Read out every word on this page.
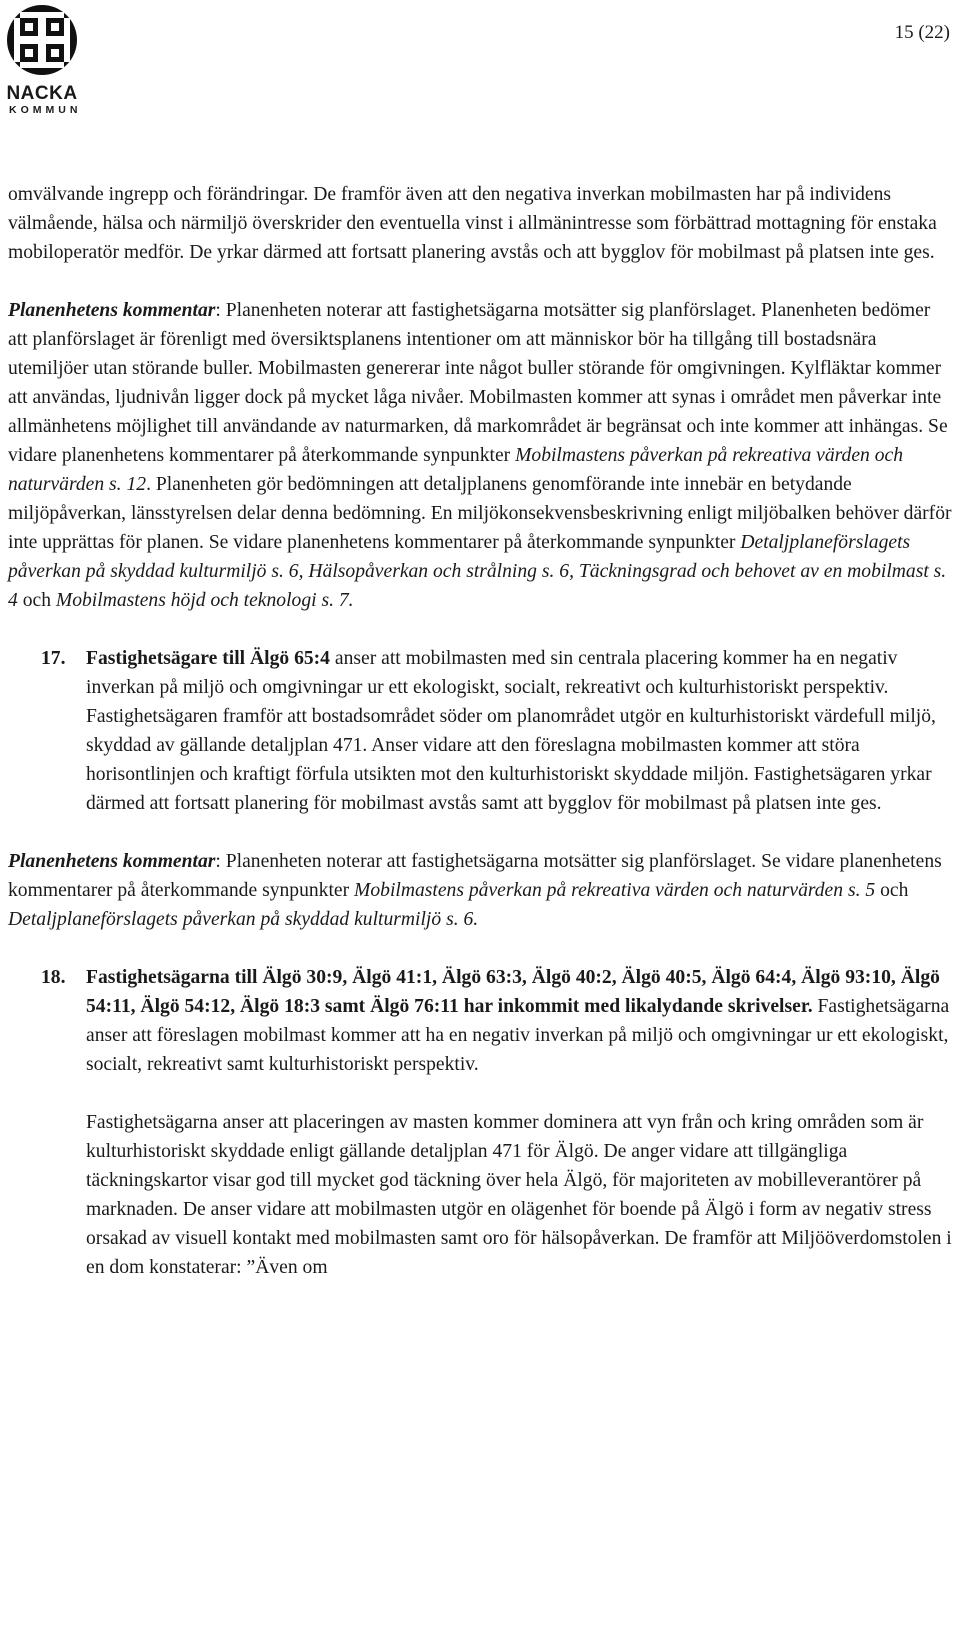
NACKA
KOMMUN
15 (22)

omvälvande ingrepp och förändringar. De framför även att den negativa inverkan mobilmasten har på individens välmående, hälsa och närmiljö överskrider den eventuella vinst i allmänintresse som förbättrad mottagning för enstaka mobiloperatör medför. De yrkar därmed att fortsatt planering avstås och att bygglov för mobilmast på platsen inte ges.

Planenhetens kommentar: Planenheten noterar att fastighetsägarna motsätter sig planförslaget. Planenheten bedömer att planförslaget är förenligt med översiktsplanens intentioner om att människor bör ha tillgång till bostadsnära utemiljöer utan störande buller. Mobilmasten genererar inte något buller störande för omgivningen. Kylfläktar kommer att användas, ljudnivån ligger dock på mycket låga nivåer. Mobilmasten kommer att synas i området men påverkar inte allmänhetens möjlighet till användande av naturmarken, då markområdet är begränsat och inte kommer att inhängas. Se vidare planenhetens kommentarer på återkommande synpunkter Mobilmastens påverkan på rekreativa värden och naturvärden s. 12. Planenheten gör bedömningen att detaljplanens genomförande inte innebär en betydande miljöpåverkan, länsstyrelsen delar denna bedömning. En miljökonsekvensbeskrivning enligt miljöbalken behöver därför inte upprättas för planen. Se vidare planenhetens kommentarer på återkommande synpunkter Detaljplaneförslagets påverkan på skyddad kulturmiljö s. 6, Hälsopåverkan och strålning s. 6, Täckningsgrad och behovet av en mobilmast s. 4 och Mobilmastens höjd och teknologi s. 7.

17. Fastighetsägare till Älgö 65:4 anser att mobilmasten med sin centrala placering kommer ha en negativ inverkan på miljö och omgivningar ur ett ekologiskt, socialt, rekreativt och kulturhistoriskt perspektiv. Fastighetsägaren framför att bostadsområdet söder om planområdet utgör en kulturhistoriskt värdefull miljö, skyddad av gällande detaljplan 471. Anser vidare att den föreslagna mobilmasten kommer att störa horisontlinjen och kraftigt förfula utsikten mot den kulturhistoriskt skyddade miljön. Fastighetsägaren yrkar därmed att fortsatt planering för mobilmast avstås samt att bygglov för mobilmast på platsen inte ges.

Planenhetens kommentar: Planenheten noterar att fastighetsägarna motsätter sig planförslaget. Se vidare planenhetens kommentarer på återkommande synpunkter Mobilmastens påverkan på rekreativa värden och naturvärden s. 5 och Detaljplaneförslagets påverkan på skyddad kulturmiljö s. 6.

18. Fastighetsägarna till Älgö 30:9, Älgö 41:1, Älgö 63:3, Älgö 40:2, Älgö 40:5, Älgö 64:4, Älgö 93:10, Älgö 54:11, Älgö 54:12, Älgö 18:3 samt Älgö 76:11 har inkommit med likalydande skrivelser. Fastighetsägarna anser att föreslagen mobilmast kommer att ha en negativ inverkan på miljö och omgivningar ur ett ekologiskt, socialt, rekreativt samt kulturhistoriskt perspektiv.

Fastighetsägarna anser att placeringen av masten kommer dominera att vyn från och kring områden som är kulturhistoriskt skyddade enligt gällande detaljplan 471 för Älgö. De anger vidare att tillgängliga täckningskartor visar god till mycket god täckning över hela Älgö, för majoriteten av mobilleverantörer på marknaden. De anser vidare att mobilmasten utgör en olägenhet för boende på Älgö i form av negativ stress orsakad av visuell kontakt med mobilmasten samt oro för hälsopåverkan. De framför att Miljööverdomstolen i en dom konstaterar: ”Även om
